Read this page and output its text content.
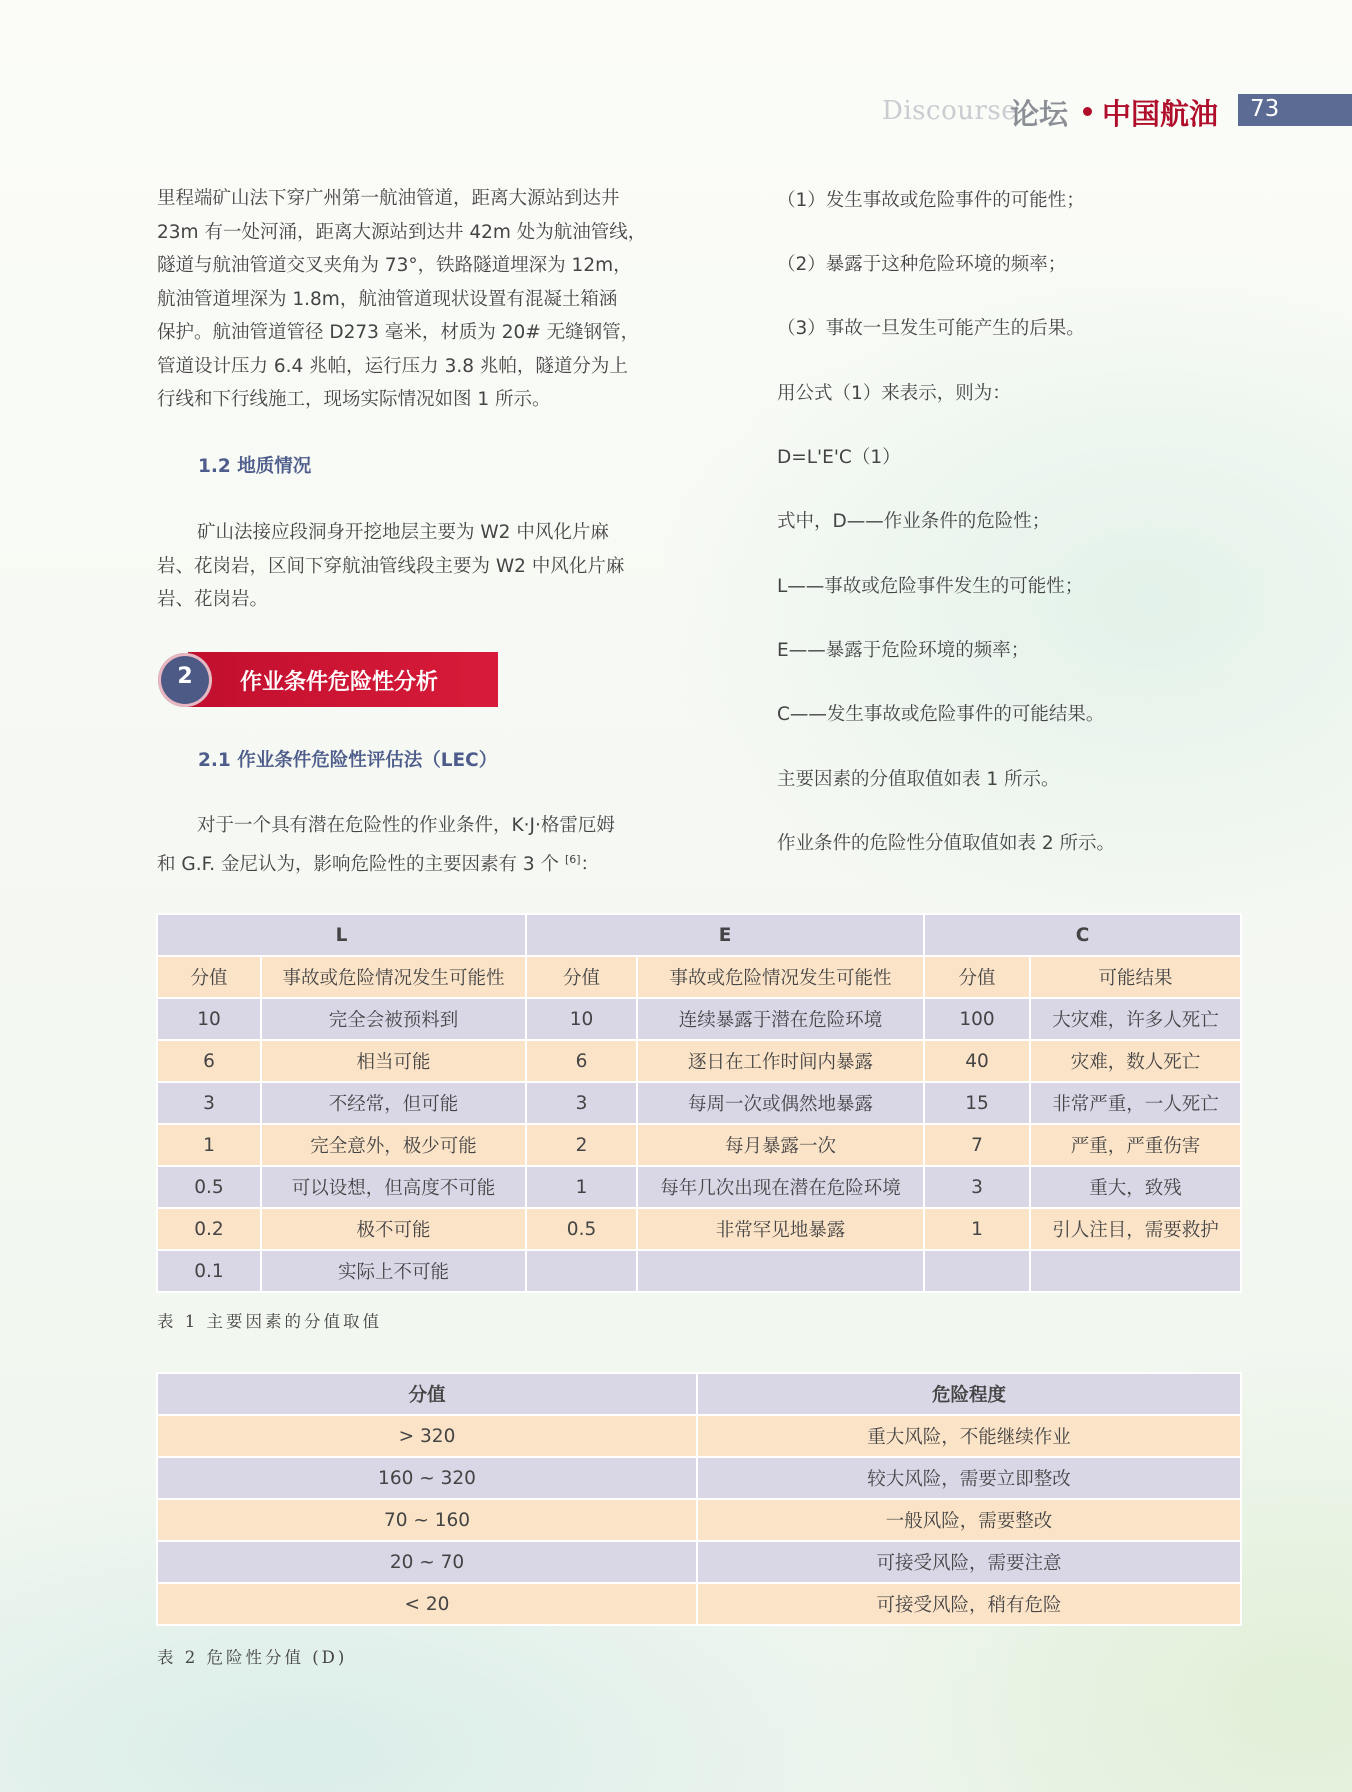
Discourse
论坛 中国航油 73

里程端矿山法下穿广州第一航油管道，距离大源站到达井

23m 有一处河涌，距离大源站到达井 42m 处为航油管线，

隧道与航油管道交叉夹角为 73°，铁路隧道埋深为 12m，

航油管道埋深为 1.8m，航油管道现状设置有混凝土箱涵

保护。航油管道管径 D273 毫米，材质为 20# 无缝钢管，

管道设计压力 6.4 兆帕，运行压力 3.8 兆帕，隧道分为上

行线和下行线施工，现场实际情况如图 1 所示。

1.2 地质情况

矿山法接应段洞身开挖地层主要为 W2 中风化片麻

岩、花岗岩，区间下穿航油管线段主要为 W2 中风化片麻

岩、花岗岩。

2	作业条件危险性分析
2.1 作业条件危险性评估法（LEC）

对于一个具有潜在危险性的作业条件，K·J·格雷厄姆

和 G.F. 金尼认为，影响危险性的主要因素有 3 个 [6]：

（1）发生事故或危险事件的可能性；
（2）暴露于这种危险环境的频率；
（3）事故一旦发生可能产生的后果。
用公式（1）来表示，则为：
D=L'E'C（1）
式中，D——作业条件的危险性；
L——事故或危险事件发生的可能性；
E——暴露于危险环境的频率；
C——发生事故或危险事件的可能结果。
主要因素的分值取值如表 1 所示。
作业条件的危险性分值取值如表 2 所示。
L		E		C	
分值	事故或危险情况发生可能性	分值	事故或危险情况发生可能性	分值	可能结果
10	完全会被预料到	10	连续暴露于潜在危险环境	100	大灾难，许多人死亡
6	相当可能	6	逐日在工作时间内暴露	40	灾难，数人死亡
3	不经常，但可能	3	每周一次或偶然地暴露	15	非常严重，一人死亡
1	完全意外，极少可能	2	每月暴露一次	7	严重，严重伤害
0.5	可以设想，但高度不可能	1	每年几次出现在潜在危险环境	3	重大，致残
0.2	极不可能	0.5	非常罕见地暴露	1	引人注目，需要救护
0.1	实际上不可能				
表 1 主要因素的分值取值
分值	危险程度
> 320	重大风险，不能继续作业
160 ~ 320	较大风险，需要立即整改
70 ~ 160	一般风险，需要整改
20 ~ 70	可接受风险，需要注意
< 20	可接受风险，稍有危险
表 2 危险性分值 (D)
